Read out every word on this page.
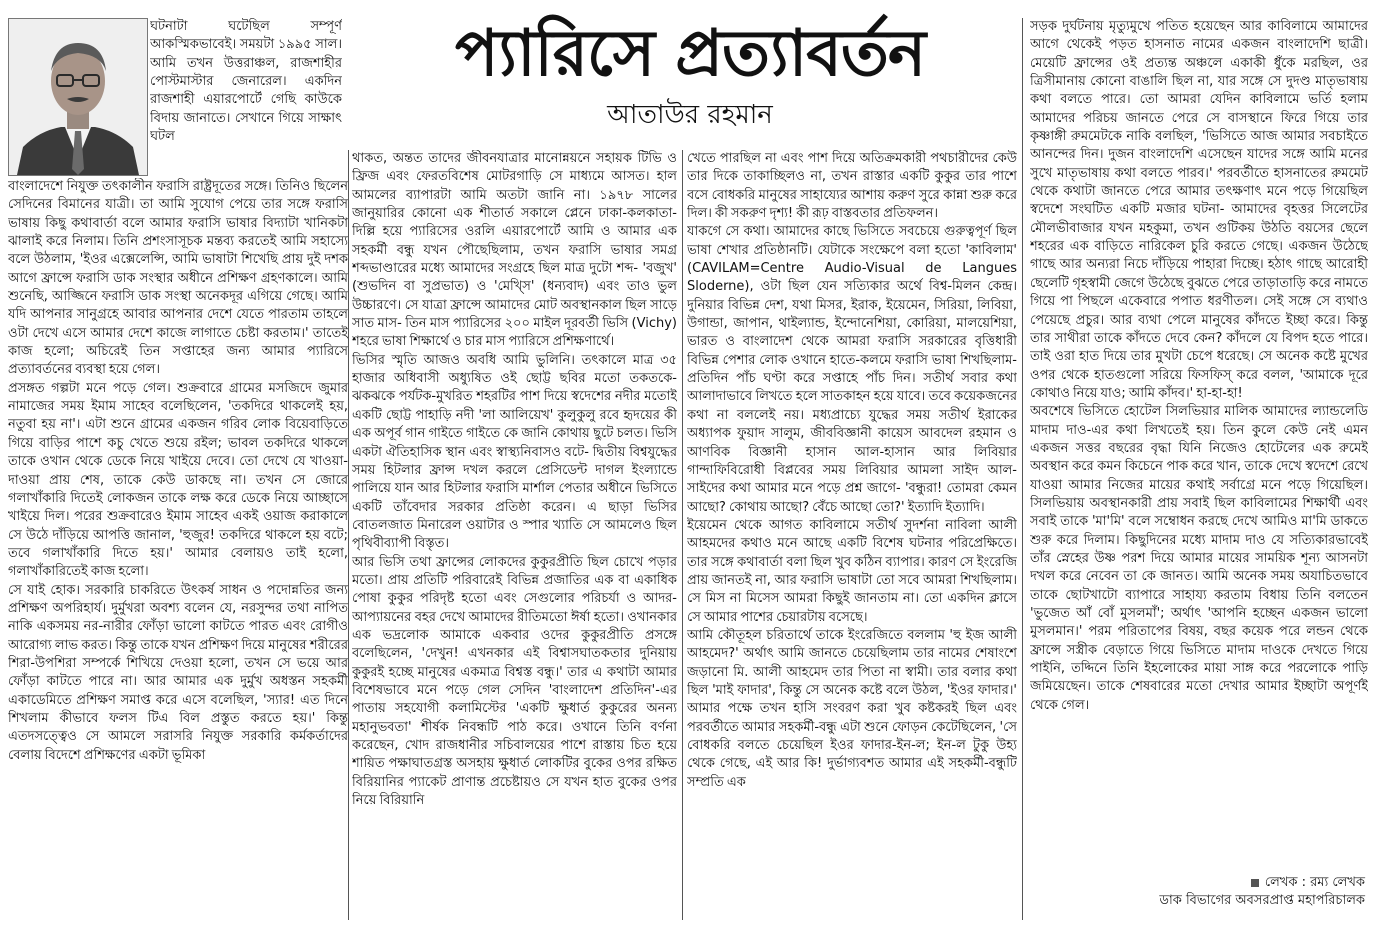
ঘটনাটা ঘটেছিল সম্পূর্ণ আকস্মিকভাবেই। সময়টা ১৯৯৫ সাল। আমি তখন উত্তরাঞ্চল, রাজশাহীর পোস্টমাস্টার জেনারেল। একদিন রাজশাহী এয়ারপোর্টে গেছি কাউকে বিদায় জানাতে। সেখানে গিয়ে সাক্ষাৎ ঘটল

প্যারিসে প্রত্যাবর্তন
আতাউর রহমান

বাংলাদেশে নিযুক্ত তৎকালীন ফরাসি রাষ্ট্রদূতের সঙ্গে। তিনিও ছিলেন সেদিনের বিমানের যাত্রী। তা আমি সুযোগ পেয়ে তার সঙ্গে ফরাসি ভাষায় কিছু কথাবার্তা বলে আমার ফরাসি ভাষার বিদ্যাটা খানিকটা ঝালাই করে নিলাম। তিনি প্রশংসাসূচক মন্তব্য করতেই আমি সহাস্যে বলে উঠলাম, 'ইওর এক্সেলেন্সি, আমি ভাষাটা শিখেছি প্রায় দুই দশক আগে ফ্রান্সে ফরাসি ডাক সংস্থার অধীনে প্রশিক্ষণ গ্রহণকালে। আমি শুনেছি, আজ্জিনে ফরাসি ডাক সংস্থা অনেকদূর এগিয়ে গেছে। আমি যদি আপনার সানুগ্রহে আবার আপনার দেশে যেতে পারতাম তাহলে ওটা দেখে এসে আমার দেশে কাজে লাগাতে চেষ্টা করতাম।' তাতেই কাজ হলো; অচিরেই তিন সপ্তাহের জন্য আমার প্যারিসে প্রত্যাবর্তনের ব্যবস্থা হয়ে গেল।

প্রসঙ্গত গল্পটা মনে পড়ে গেল। শুক্রবারে গ্রামের মসজিদে জুমার নামাজের সময় ইমাম সাহেব বলেছিলেন, 'তকদিরে থাকলেই হয়, নতুবা হয় না'। এটা শুনে গ্রামের একজন গরিব লোক বিয়েবাড়িতে গিয়ে বাড়ির পাশে কচু খেতে শুয়ে রইল; ভাবল তকদিরে থাকলে তাকে ওখান থেকে ডেকে নিয়ে খাইয়ে দেবে। তো দেখে যে খাওয়া-দাওয়া প্রায় শেষ, তাকে কেউ ডাকছে না। তখন সে জোরে গলাখাঁকারি দিতেই লোকজন তাকে লক্ষ করে ডেকে নিয়ে আচ্ছাসে খাইয়ে দিল। পরের শুক্রবারেও ইমাম সাহেব একই ওয়াজ করাকালে সে উঠে দাঁড়িয়ে আপত্তি জানাল, 'হুজুর! তকদিরে থাকলে হয় বটে; তবে গলাখাঁকারি দিতে হয়।' আমার বেলায়ও তাই হলো, গলাখাঁকারিতেই কাজ হলো।

সে যাই হোক। সরকারি চাকরিতে উৎকর্ষ সাধন ও পদোন্নতির জন্য প্রশিক্ষণ অপরিহার্য। দুর্মুখরা অবশ্য বলেন যে, নরসুন্দর তথা নাপিত নাকি একসময় নর-নারীর ফোঁড়া ভালো কাটতে পারত এবং রোগীও আরোগ্য লাভ করত। কিন্তু তাকে যখন প্রশিক্ষণ দিয়ে মানুষের শরীরের শিরা-উপশিরা সম্পর্কে শিখিয়ে দেওয়া হলো, তখন সে ভয়ে আর ফোঁড়া কাটতে পারে না। আর আমার এক দুর্মুখ অধস্তন সহকর্মী একাডেমিতে প্রশিক্ষণ সমাপ্ত করে এসে বলেছিল, 'স্যার! এত দিনে শিখলাম কীভাবে ফলস টিএ বিল প্রস্তুত করতে হয়।' কিন্তু এতদসত্ত্বেও সে আমলে সরাসরি নিযুক্ত সরকারি কর্মকর্তাদের বেলায় বিদেশে প্রশিক্ষণের একটা ভূমিকা

থাকত, অন্তত তাদের জীবনযাত্রার মানোন্নয়নে সহায়ক টিভি ও ফ্রিজ এবং ফেরতবিশেষ মোটরগাড়ি সে মাধ্যমে আসত। হাল আমলের ব্যাপারটা আমি অতটা জানি না। ১৯৭৮ সালের জানুয়ারির কোনো এক শীতার্ত সকালে প্লেনে ঢাকা-কলকাতা-দিল্লি হয়ে প্যারিসের ওরলি এয়ারপোর্টে আমি ও আমার এক সহকর্মী বন্ধু যখন পৌছেছিলাম, তখন ফরাসি ভাষার সমগ্র শব্দভাণ্ডারের মধ্যে আমাদের সংগ্রহে ছিল মাত্র দুটো শব্দ- 'বজুখ' (শুভদিন বা সুপ্রভাত) ও 'মেখ্সি' (ধন্যবাদ) এবং তাও ভুল উচ্চারণে। সে যাত্রা ফ্রান্সে আমাদের মোট অবস্থানকাল ছিল সাড়ে সাত মাস- তিন মাস প্যারিসের ২০০ মাইল দূরবর্তী ভিসি (Vichy) শহরে ভাষা শিক্ষার্থে ও চার মাস প্যারিসে প্রশিক্ষণার্থে।

ভিসির স্মৃতি আজও অবধি আমি ভুলিনি। তৎকালে মাত্র ৩৫ হাজার অধিবাসী অধ্যুষিত ওই ছোট্ট ছবির মতো তকতকে-ঝকঝকে পর্যটক-মুখরিত শহরটির পাশ দিয়ে স্বদেশের নদীর মতোই একটি ছোট্ট পাহাড়ি নদী 'লা আলিয়েখ' কুলুকুলু রবে হৃদয়ের কী এক অপূর্ব গান গাইতে গাইতে কে জানি কোথায় ছুটে চলত। ভিসি একটা ঐতিহাসিক স্থান এবং স্বাস্থ্যনিবাসও বটে- দ্বিতীয় বিশ্বযুদ্ধের সময় হিটলার ফ্রান্স দখল করলে প্রেসিডেন্ট দাগল ইংল্যান্ডে পালিয়ে যান আর হিটলার ফরাসি মার্শাল পেতার অধীনে ভিসিতে একটি তাঁবেদার সরকার প্রতিষ্ঠা করেন। এ ছাড়া ভিসির বোতলজাত মিনারেল ওয়াটার ও স্পার খ্যাতি সে আমলেও ছিল পৃথিবীব্যাপী বিস্তৃত।

আর ভিসি তথা ফ্রান্সের লোকদের কুকুরপ্রীতি ছিল চোখে পড়ার মতো। প্রায় প্রতিটি পরিবারেই বিভিন্ন প্রজাতির এক বা একাধিক পোষা কুকুর পরিদৃষ্ট হতো এবং সেগুলোর পরিচর্যা ও আদর-আপ্যায়নের বহর দেখে আমাদের রীতিমতো ঈর্ষা হতো। ওখানকার এক ভদ্রলোক আমাকে একবার ওদের কুকুরপ্রীতি প্রসঙ্গে বলেছিলেন, 'দেখুন! এখনকার এই বিশ্বাসঘাতকতার দুনিয়ায় কুকুরই হচ্ছে মানুষের একমাত্র বিশ্বস্ত বন্ধু।' তার এ কথাটা আমার বিশেষভাবে মনে পড়ে গেল সেদিন 'বাংলাদেশ প্রতিদিন'-এর পাতায় সহযোগী কলামিস্টের 'একটি ক্ষুধার্ত কুকুরের অনন্য মহানুভবতা' শীর্ষক নিবন্ধটি পাঠ করে। ওখানে তিনি বর্ণনা করেছেন, খোদ রাজধানীর সচিবালয়ের পাশে রাস্তায় চিত হয়ে শায়িত পক্ষাঘাতগ্রস্ত অসহায় ক্ষুধার্ত লোকটির বুকের ওপর রক্ষিত বিরিয়ানির প্যাকেট প্রাণান্ত প্রচেষ্টায়ও সে যখন হাত বুকের ওপর নিয়ে বিরিয়ানি

খেতে পারছিল না এবং পাশ দিয়ে অতিক্রমকারী পথচারীদের কেউ তার দিকে তাকাচ্ছিলও না, তখন রাস্তার একটি কুকুর তার পাশে বসে বোধকরি মানুষের সাহায্যের আশায় করুণ সুরে কান্না শুরু করে দিল। কী সকরুণ দৃশ্য! কী রূঢ় বাস্তবতার প্রতিফলন।

যাকগে সে কথা। আমাদের কাছে ভিসিতে সবচেয়ে গুরুত্বপূর্ণ ছিল ভাষা শেখার প্রতিষ্ঠানটি। যেটাকে সংক্ষেপে বলা হতো 'কাবিলাম' (CAVILAM=Centre Audio-Visual de Langues Sloderne), ওটা ছিল যেন সত্যিকার অর্থে বিশ্ব-মিলন কেন্দ্র। দুনিয়ার বিভিন্ন দেশ, যথা মিসর, ইরাক, ইয়েমেন, সিরিয়া, লিবিয়া, উগান্ডা, জাপান, থাইল্যান্ড, ইন্দোনেশিয়া, কোরিয়া, মালয়েশিয়া, ভারত ও বাংলাদেশ থেকে আমরা ফরাসি সরকারের বৃত্তিধারী বিভিন্ন পেশার লোক ওখানে হাতে-কলমে ফরাসি ভাষা শিখছিলাম- প্রতিদিন পাঁচ ঘণ্টা করে সপ্তাহে পাঁচ দিন। সতীর্থ সবার কথা আলাদাভাবে লিখতে হলে সাতকাহন হয়ে যাবে। তবে কয়েকজনের কথা না বললেই নয়। মধ্যপ্রাচ্যে যুদ্ধের সময় সতীর্থ ইরাকের অধ্যাপক ফুয়াদ সালুম, জীববিজ্ঞানী কায়েস আবদেল রহমান ও আণবিক বিজ্ঞানী হাসান আল-হাসান আর লিবিয়ার গান্দাফিবিরোধী বিপ্লবের সময় লিবিয়ার আমলা সাইদ আল-সাইদের কথা আমার মনে পড়ে প্রশ্ন জাগে- 'বন্ধুরা! তোমরা কেমন আছো? কোথায় আছো? বেঁচে আছো তো?' ইত্যাদি ইত্যাদি।

ইয়েমেন থেকে আগত কাবিলামে সতীর্থ সুদর্শনা নাবিলা আলী আহমদের কথাও মনে আছে একটি বিশেষ ঘটনার পরিপ্রেক্ষিতে। তার সঙ্গে কথাবার্তা বলা ছিল খুব কঠিন ব্যাপার। কারণ সে ইংরেজি প্রায় জানতই না, আর ফরাসি ভাষাটা তো সবে আমরা শিখছিলাম। সে মিস না মিসেস আমরা কিছুই জানতাম না। তো একদিন ক্লাসে সে আমার পাশের চেয়ারটায় বসেছে।

আমি কৌতূহল চরিতার্থে তাকে ইংরেজিতে বললাম 'হু ইজ আলী আহমেদ?' অর্থাৎ আমি জানতে চেয়েছিলাম তার নামের শেষাংশে জড়ানো মি. আলী আহমেদ তার পিতা না স্বামী। তার বলার কথা ছিল 'মাই ফাদার', কিন্তু সে অনেক কষ্টে বলে উঠল, 'ইওর ফাদার।' আমার পক্ষে তখন হাসি সংবরণ করা খুব কষ্টকরই ছিল এবং পরবর্তীতে আমার সহকর্মী-বন্ধু এটা শুনে ফোড়ন কেটেছিলেন, 'সে বোধকরি বলতে চেয়েছিল ইওর ফাদার-ইন-ল; ইন-ল টুকু উহ্য থেকে গেছে, এই আর কি! দুর্ভাগ্যবশত আমার এই সহকর্মী-বন্ধুটি সম্প্রতি এক

সড়ক দুর্ঘটনায় মৃত্যুমুখে পতিত হয়েছেন আর কাবিলামে আমাদের আগে থেকেই পড়ত হাসনাত নামের একজন বাংলাদেশি ছাত্রী। মেয়েটি ফ্রান্সের ওই প্রত্যন্ত অঞ্চলে একাকী ধুঁকে মরছিল, ওর ত্রিসীমানায় কোনো বাঙালি ছিল না, যার সঙ্গে সে দুদণ্ড মাতৃভাষায় কথা বলতে পারে। তো আমরা যেদিন কাবিলামে ভর্তি হলাম আমাদের পরিচয় জানতে পেরে সে বাসস্থানে ফিরে গিয়ে তার কৃষ্ণাঙ্গী রুমমেটকে নাকি বলছিল, 'ভিসিতে আজ আমার সবচাইতে আনন্দের দিন। দুজন বাংলাদেশি এসেছেন যাদের সঙ্গে আমি মনের সুখে মাতৃভাষায় কথা বলতে পারব।' পরবর্তীতে হাসনাতের রুমমেট থেকে কথাটা জানতে পেরে আমার তৎক্ষণাৎ মনে পড়ে গিয়েছিল স্বদেশে সংঘটিত একটি মজার ঘটনা- আমাদের বৃহত্তর সিলেটের মৌলভীবাজার যখন মহকুমা, তখন গুটিকয় উঠতি বয়সের ছেলে শহরের এক বাড়িতে নারিকেল চুরি করতে গেছে। একজন উঠেছে গাছে আর অন্যরা নিচে দাঁড়িয়ে পাহারা দিচ্ছে। হঠাৎ গাছে আরোহী ছেলেটি গৃহস্বামী জেগে উঠেছে বুঝতে পেরে তাড়াতাড়ি করে নামতে গিয়ে পা পিছলে একেবারে পপাত ধরণীতল। সেই সঙ্গে সে ব্যথাও পেয়েছে প্রচুর। আর ব্যথা পেলে মানুষের কাঁদতে ইচ্ছা করে। কিন্তু তার সাথীরা তাকে কাঁদতে দেবে কেন? কাঁদলে যে বিপদ হতে পারে। তাই ওরা হাত দিয়ে তার মুখটা চেপে ধরেছে। সে অনেক কষ্টে মুখের ওপর থেকে হাতগুলো সরিয়ে ফিসফিস্ করে বলল, 'আমাকে দূরে কোথাও নিয়ে যাও; আমি কাঁদব।' হা-হা-হা!

অবশেষে ভিসিতে হোটেল সিলভিয়ার মালিক আমাদের ল্যান্ডলেডি মাদাম দাও-এর কথা লিখতেই হয়। তিন কুলে কেউ নেই এমন একজন সত্তর বছরের বৃদ্ধা যিনি নিজেও হোটেলের এক রুমেই অবস্থান করে কমন কিচেনে পাক করে খান, তাকে দেখে স্বদেশে রেখে যাওয়া আমার নিজের মায়ের কথাই সর্বাগ্রে মনে পড়ে গিয়েছিল। সিলভিয়ায় অবস্থানকারী প্রায় সবাই ছিল কাবিলামের শিক্ষার্থী এবং সবাই তাকে 'মা'মি' বলে সম্বোধন করছে দেখে আমিও মা'মি ডাকতে শুরু করে দিলাম। কিছুদিনের মধ্যে মাদাম দাও যে সত্যিকারভাবেই তাঁর স্নেহের উষ্ণ পরশ দিয়ে আমার মায়ের সাময়িক শূন্য আসনটা দখল করে নেবেন তা কে জানত। আমি অনেক সময় অযাচিতভাবে তাকে ছোটখাটো ব্যাপারে সাহায্য করতাম বিধায় তিনি বলতেন 'ভুজেত আঁ বোঁ মুসলমাঁ'; অর্থাৎ 'আপনি হচ্ছেন একজন ভালো মুসলমান।' পরম পরিতাপের বিষয়, বছর কয়েক পরে লন্ডন থেকে ফ্রান্সে সস্ত্রীক বেড়াতে গিয়ে ভিসিতে মাদাম দাওকে দেখতে গিয়ে পাইনি, তদ্দিনে তিনি ইহলোকের মায়া সাঙ্গ করে পরলোকে পাড়ি জমিয়েছেন। তাকে শেষবারের মতো দেখার আমার ইচ্ছাটা অপূর্ণই থেকে গেল।

লেখক : রম্য লেখক
ডাক বিভাগের অবসরপ্রাপ্ত মহাপরিচালক
